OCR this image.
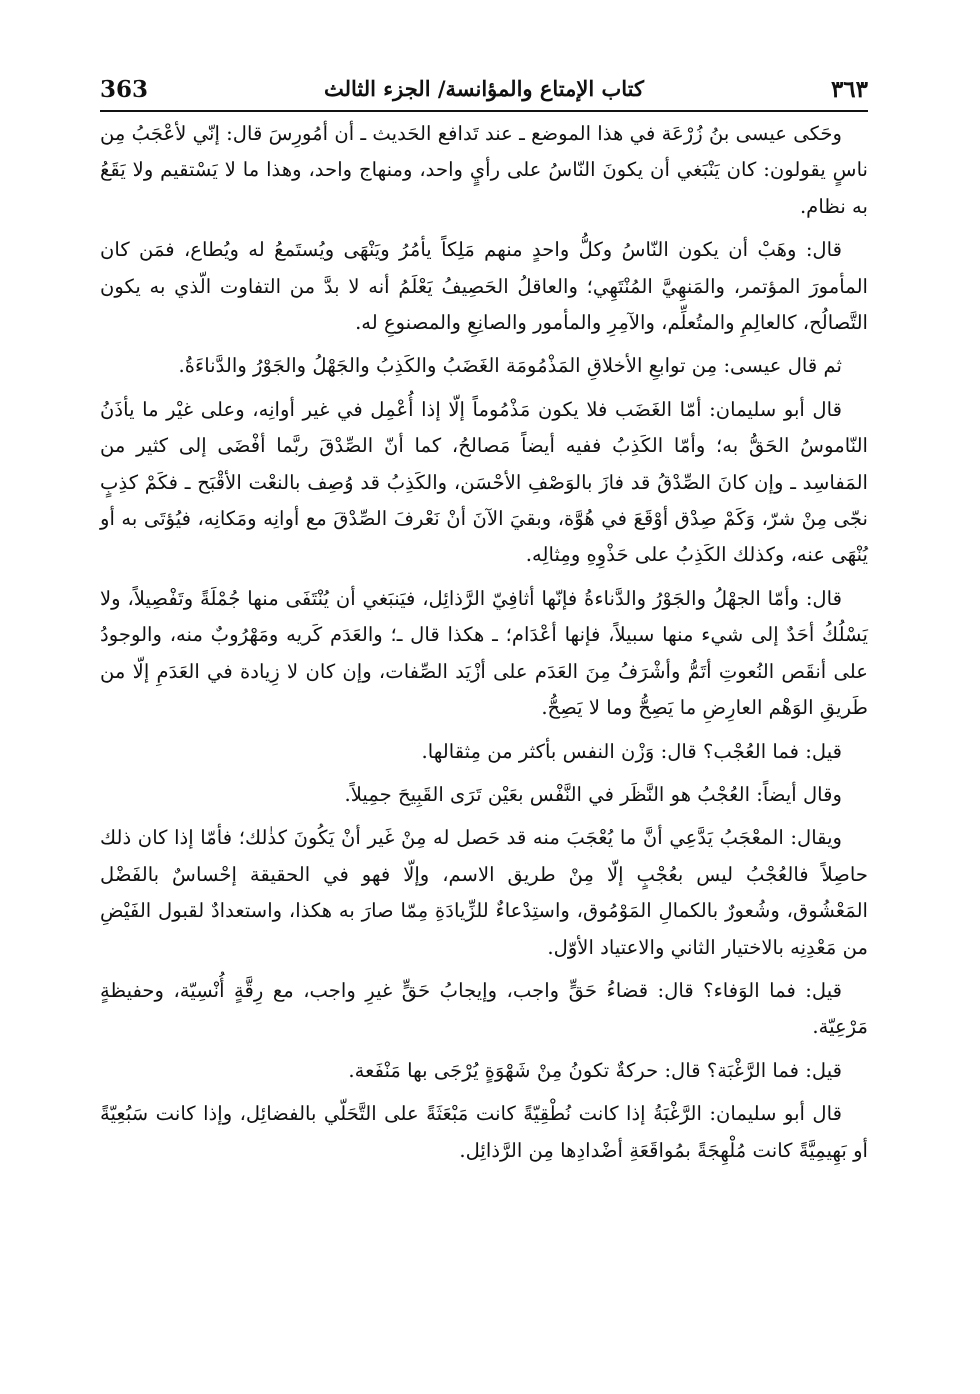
٣٦٣
كتاب الإمتاع والمؤانسة/ الجزء الثالث
363

وحَكى عيسى بنُ زُرْعَة في هذا الموضع ـ عند تَدافع الحَديث ـ أن أمُورِسَ قال: إنّي لأعْجَبُ مِن ناسٍ يقولون: كان يَنْبَغي أن يكونَ النّاسُ على رأيٍ واحد، ومنهاج واحد، وهذا ما لا يَسْتقيم ولا يَقَعُ به نظام.

قال: وهَبْ أن يكون النّاسُ وكلُّ واحدٍ منهم مَلِكاً يأمُرُ ويَنْهَى ويُستَمعُ له ويُطاع، فمَن كان المأمورَ المؤتمر، والمَنهِيَّ المُنْتَهِي؛ والعاقلُ الحَصِيفُ يَعْلَمُ أنه لا بدَّ من التفاوت الّذي به يكون التَّصالُح، كالعالِمِ والمتُعلِّم، والآمِرِ والمأمور والصانِعِ والمصنوعِ له.

ثم قال عيسى: مِن توابعِ الأخلاقِ المَذْمُومَة الغَضَبُ والكَذِبُ والجَهْلُ والجَوْرُ والدَّناءَةُ.

قال أبو سليمان: أمّا الغَضَب فلا يكون مَذْمُوماً إلّا إذا أُعْمِل في غير أوانِه، وعلى غيْر ما يأذَنُ النّاموسُ الحَقُّ به؛ وأمّا الكَذِبُ ففيه أيضاً مَصالحُ، كما أنّ الصِّدْقَ ربَّما أفْضَى إلى كثير من المَفاسِد ـ وإن كانَ الصِّدْقُ قد فازَ بالوَصْفِ الأحْسَن، والكَذِبُ قد وُصِف بالنعْت الأقْبَح ـ فكَمْ كذِبٍ نجّى مِنْ شرّ، وَكَمْ صِدْق أوْقَعَ في هُوَّة، وبقيَ الآنَ أنْ نَعْرفَ الصِّدْقَ مع أوانِه ومَكانِه، فيُؤتَى به أو يُنْهَى عنه، وكذلك الكَذِبُ على حَذْوِهِ ومِثالِه.

قال: وأمّا الجهْلُ والجَوْرُ والدَّناءةُ فإنّها أثافِيّ الرَّذائِل، فيَنبَغي أن يُنْتَفَى منها جُمْلَةً وتَفْصِيلاً، ولا يَسْلُكُ أحَدٌ إلى شيء منها سبيلاً، فإنها أعْدَام؛ ـ هكذا قال ـ؛ والعَدَم كَريه ومَهْرُوبٌ منه، والوجودُ على أنقَص النُعوتِ أتَمُّ وأشْرَفُ مِنَ العَدَم على أزْيَد الصِّفات، وإن كان لا زِيادة في العَدَمِ إلّا من طَريقِ الوَهْم العارِضِ ما يَصِحُّ وما لا يَصِحُّ.

قيل: فما العُجْب؟ قال: وَزْن النفس بأكثر من مِثقالها.

وقال أيضاً: العُجْبُ هو النَّظَر في النَّفْس بعَيْن تَرَى القَبِيحَ جمِيلاً.

ويقال: المعْجَبُ يَدَّعِي أنَّ ما يُعْجَبَ منه قد حَصل له مِنْ غَير أنْ يَكُونَ كذٰلك؛ فأمّا إذا كان ذلك حاصِلاً فالعُجْبُ ليس بعُجْبٍ إلّا مِنْ طريق الاسم، وإلّا فهو في الحقيقة إحْساسٌ بالفَضْل المَعْشُوق، وشُعورٌ بالكمالِ المَوْمُوق، واستِدْعاءٌ للزِّيادَةِ مِمّا صارَ به هكذا، واستعدادٌ لقبول الفَيْضِ من مَعْدِنِه بالاختيار الثاني والاعتياد الأوّل.

قيل: فما الوَفاء؟ قال: قضاءُ حَقٍّ واجب، وإيجابُ حَقٍّ غيرِ واجب، مع رِقَّةٍ أُنْسِيّة، وحفيظةٍ مَرْعِيّة.

قيل: فما الرَّغْبَة؟ قال: حركةٌ تكونُ مِنْ شَهْوَةٍ يُرْجَى بها مَنْفَعة.

قال أبو سليمان: الرَّغْبَةُ إذا كانت نُطْقِيّةً كانت مَبْعَثَةً على التَّحَلّي بالفضائِل، وإذا كانت سَبُعِيّةً أو بَهِيمِيَّةً كانت مُلْهِجَةً بمُواقَعَةِ أضْدادِها مِن الرَّذائِل.
